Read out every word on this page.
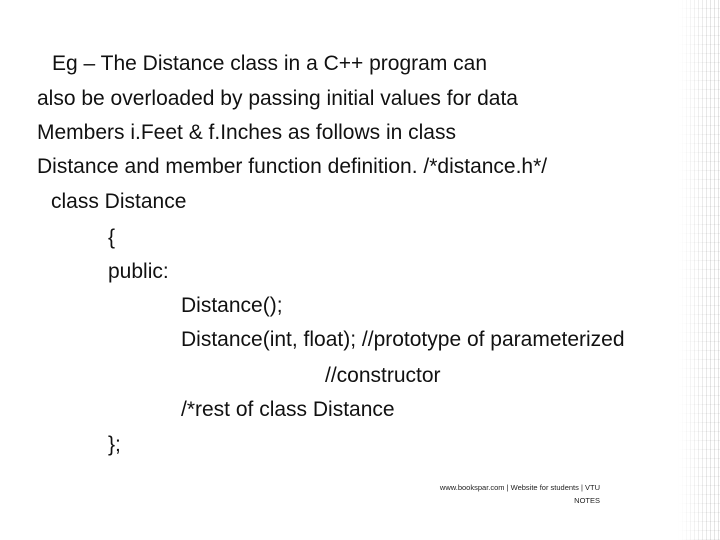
Eg – The Distance class in a C++ program can
also be overloaded by passing initial values for data
Members i.Feet & f.Inches as follows in class
Distance and member function definition. /*distance.h*/
class Distance
{
public:
Distance();
Distance(int, float); //prototype of parameterized
//constructor
/*rest of class Distance
};
www.bookspar.com | Website for students | VTU
NOTES
